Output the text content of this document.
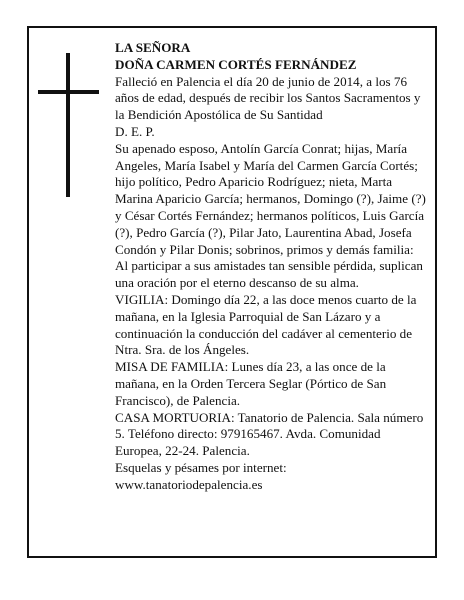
LA SEÑORA

DOÑA CARMEN CORTÉS FERNÁNDEZ

Falleció en Palencia el día 20 de junio de 2014, a los 76 años de edad, después de recibir los Santos Sacramentos y la Bendición Apostólica de Su Santidad

D. E. P.

Su apenado esposo, Antolín García Conrat; hijas, María Angeles, María Isabel y María del Carmen García Cortés; hijo político, Pedro Aparicio Rodríguez; nieta, Marta Marina Aparicio García; hermanos, Domingo (?), Jaime (?) y César Cortés Fernández; hermanos políticos, Luis García (?), Pedro García (?), Pilar Jato, Laurentina Abad, Josefa Condón y Pilar Donis; sobrinos, primos y demás familia:

Al participar a sus amistades tan sensible pérdida, suplican una oración por el eterno descanso de su alma.

VIGILIA: Domingo día 22, a las doce menos cuarto de la mañana, en la Iglesia Parroquial de San Lázaro y a continuación la conducción del cadáver al cementerio de Ntra. Sra. de los Ángeles.

MISA DE FAMILIA: Lunes día 23, a las once de la mañana, en la Orden Tercera Seglar (Pórtico de San Francisco), de Palencia.

CASA MORTUORIA: Tanatorio de Palencia. Sala número 5. Teléfono directo: 979165467. Avda. Comunidad Europea, 22-24. Palencia.

Esquelas y pésames por internet:

www.tanatoriodepalencia.es
